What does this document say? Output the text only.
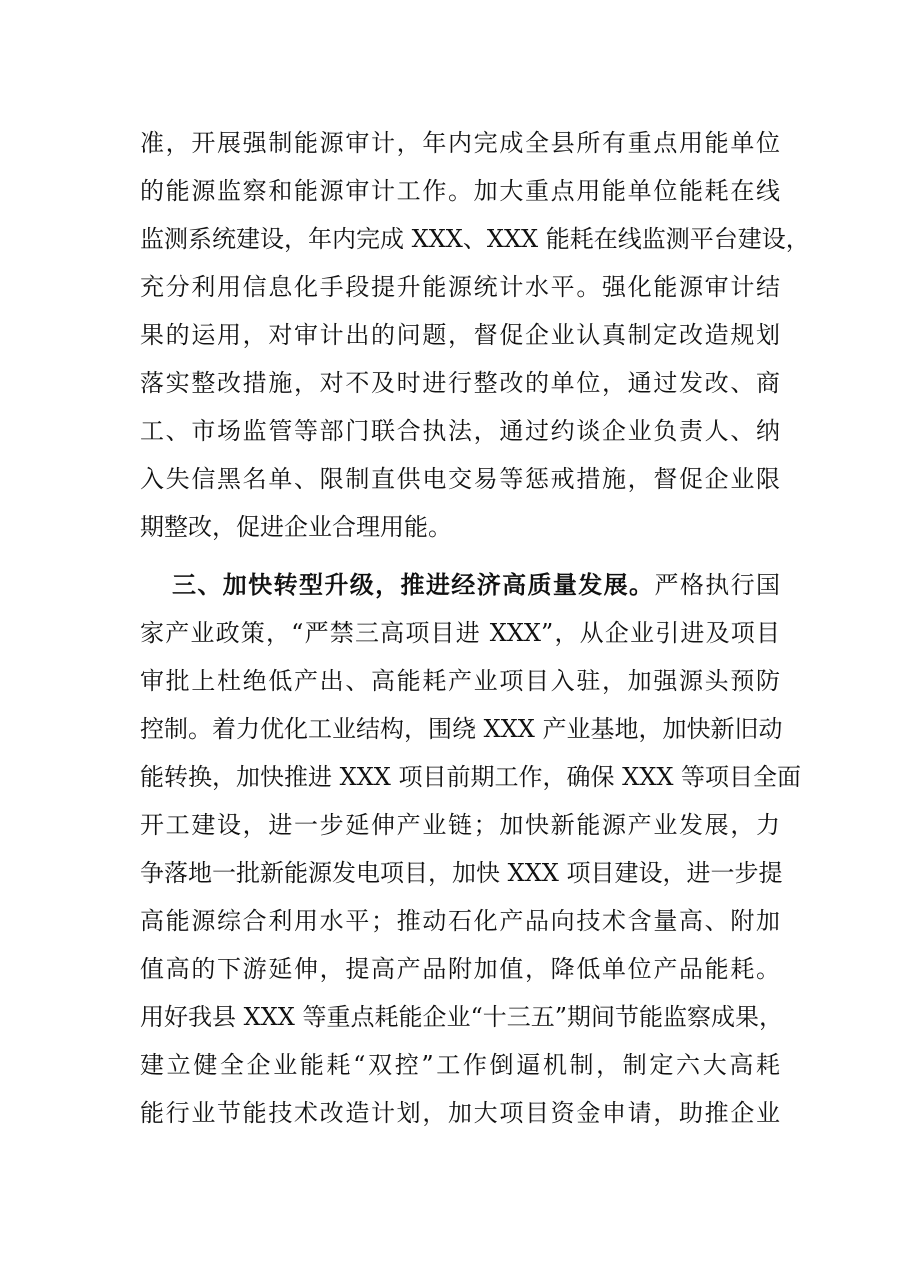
准，开展强制能源审计，年内完成全县所有重点用能单位
的能源监察和能源审计工作。加大重点用能单位能耗在线
监测系统建设，年内完成 XXX、XXX 能耗在线监测平台建设，
充分利用信息化手段提升能源统计水平。强化能源审计结
果的运用，对审计出的问题，督促企业认真制定改造规划
落实整改措施，对不及时进行整改的单位，通过发改、商
工、市场监管等部门联合执法，通过约谈企业负责人、纳
入失信黑名单、限制直供电交易等惩戒措施，督促企业限
期整改，促进企业合理用能。
三、加快转型升级，推进经济高质量发展。严格执行国
家产业政策，“严禁三高项目进 XXX”，从企业引进及项目
审批上杜绝低产出、高能耗产业项目入驻，加强源头预防
控制。着力优化工业结构，围绕 XXX 产业基地，加快新旧动
能转换，加快推进 XXX 项目前期工作，确保 XXX 等项目全面
开工建设，进一步延伸产业链；加快新能源产业发展，力
争落地一批新能源发电项目，加快 XXX 项目建设，进一步提
高能源综合利用水平；推动石化产品向技术含量高、附加
值高的下游延伸，提高产品附加值，降低单位产品能耗。
用好我县 XXX 等重点耗能企业“十三五”期间节能监察成果，
建立健全企业能耗“双控”工作倒逼机制，制定六大高耗
能行业节能技术改造计划，加大项目资金申请，助推企业
